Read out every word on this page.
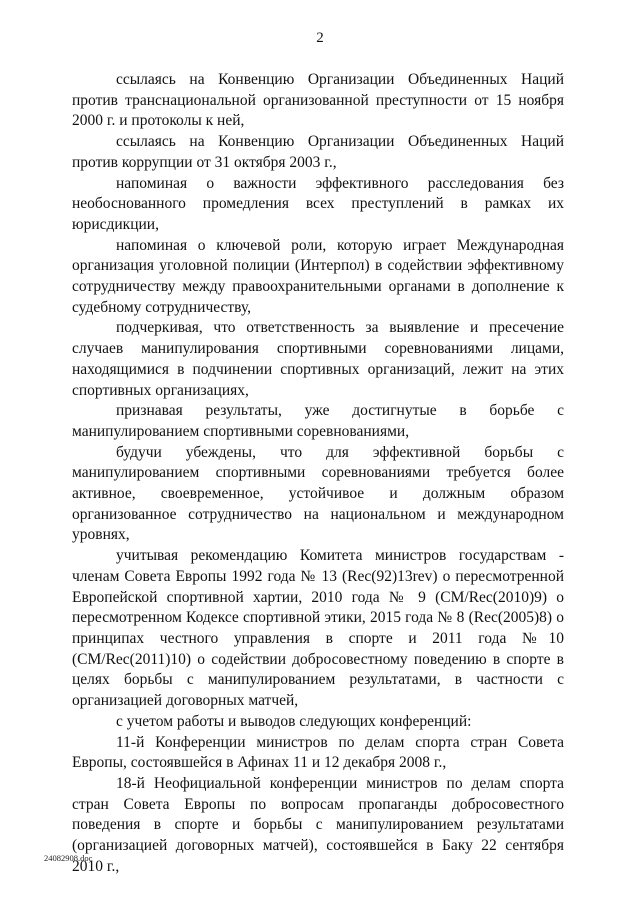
2

ссылаясь на Конвенцию Организации Объединенных Наций против транснациональной организованной преступности от 15 ноября 2000 г. и протоколы к ней,

ссылаясь на Конвенцию Организации Объединенных Наций против коррупции от 31 октября 2003 г.,

напоминая о важности эффективного расследования без необоснованного промедления всех преступлений в рамках их юрисдикции,

напоминая о ключевой роли, которую играет Международная организация уголовной полиции (Интерпол) в содействии эффективному сотрудничеству между правоохранительными органами в дополнение к судебному сотрудничеству,

подчеркивая, что ответственность за выявление и пресечение случаев манипулирования спортивными соревнованиями лицами, находящимися в подчинении спортивных организаций, лежит на этих спортивных организациях,

признавая результаты, уже достигнутые в борьбе с манипулированием спортивными соревнованиями,

будучи убеждены, что для эффективной борьбы с манипулированием спортивными соревнованиями требуется более активное, своевременное, устойчивое и должным образом организованное сотрудничество на национальном и международном уровнях,

учитывая рекомендацию Комитета министров государствам - членам Совета Европы 1992 года № 13 (Rec(92)13rev) о пересмотренной Европейской спортивной хартии, 2010 года № 9 (CM/Rec(2010)9) о пересмотренном Кодексе спортивной этики, 2015 года № 8 (Rec(2005)8) о принципах честного управления в спорте и 2011 года №10 (CM/Rec(2011)10) о содействии добросовестному поведению в спорте в целях борьбы с манипулированием результатами, в частности с организацией договорных матчей,

с учетом работы и выводов следующих конференций:

11-й Конференции министров по делам спорта стран Совета Европы, состоявшейся в Афинах 11 и 12 декабря 2008 г.,

18-й Неофициальной конференции министров по делам спорта стран Совета Европы по вопросам пропаганды добросовестного поведения в спорте и борьбы с манипулированием результатами (организацией договорных матчей), состоявшейся в Баку 22 сентября 2010 г.,

24082908.doc
